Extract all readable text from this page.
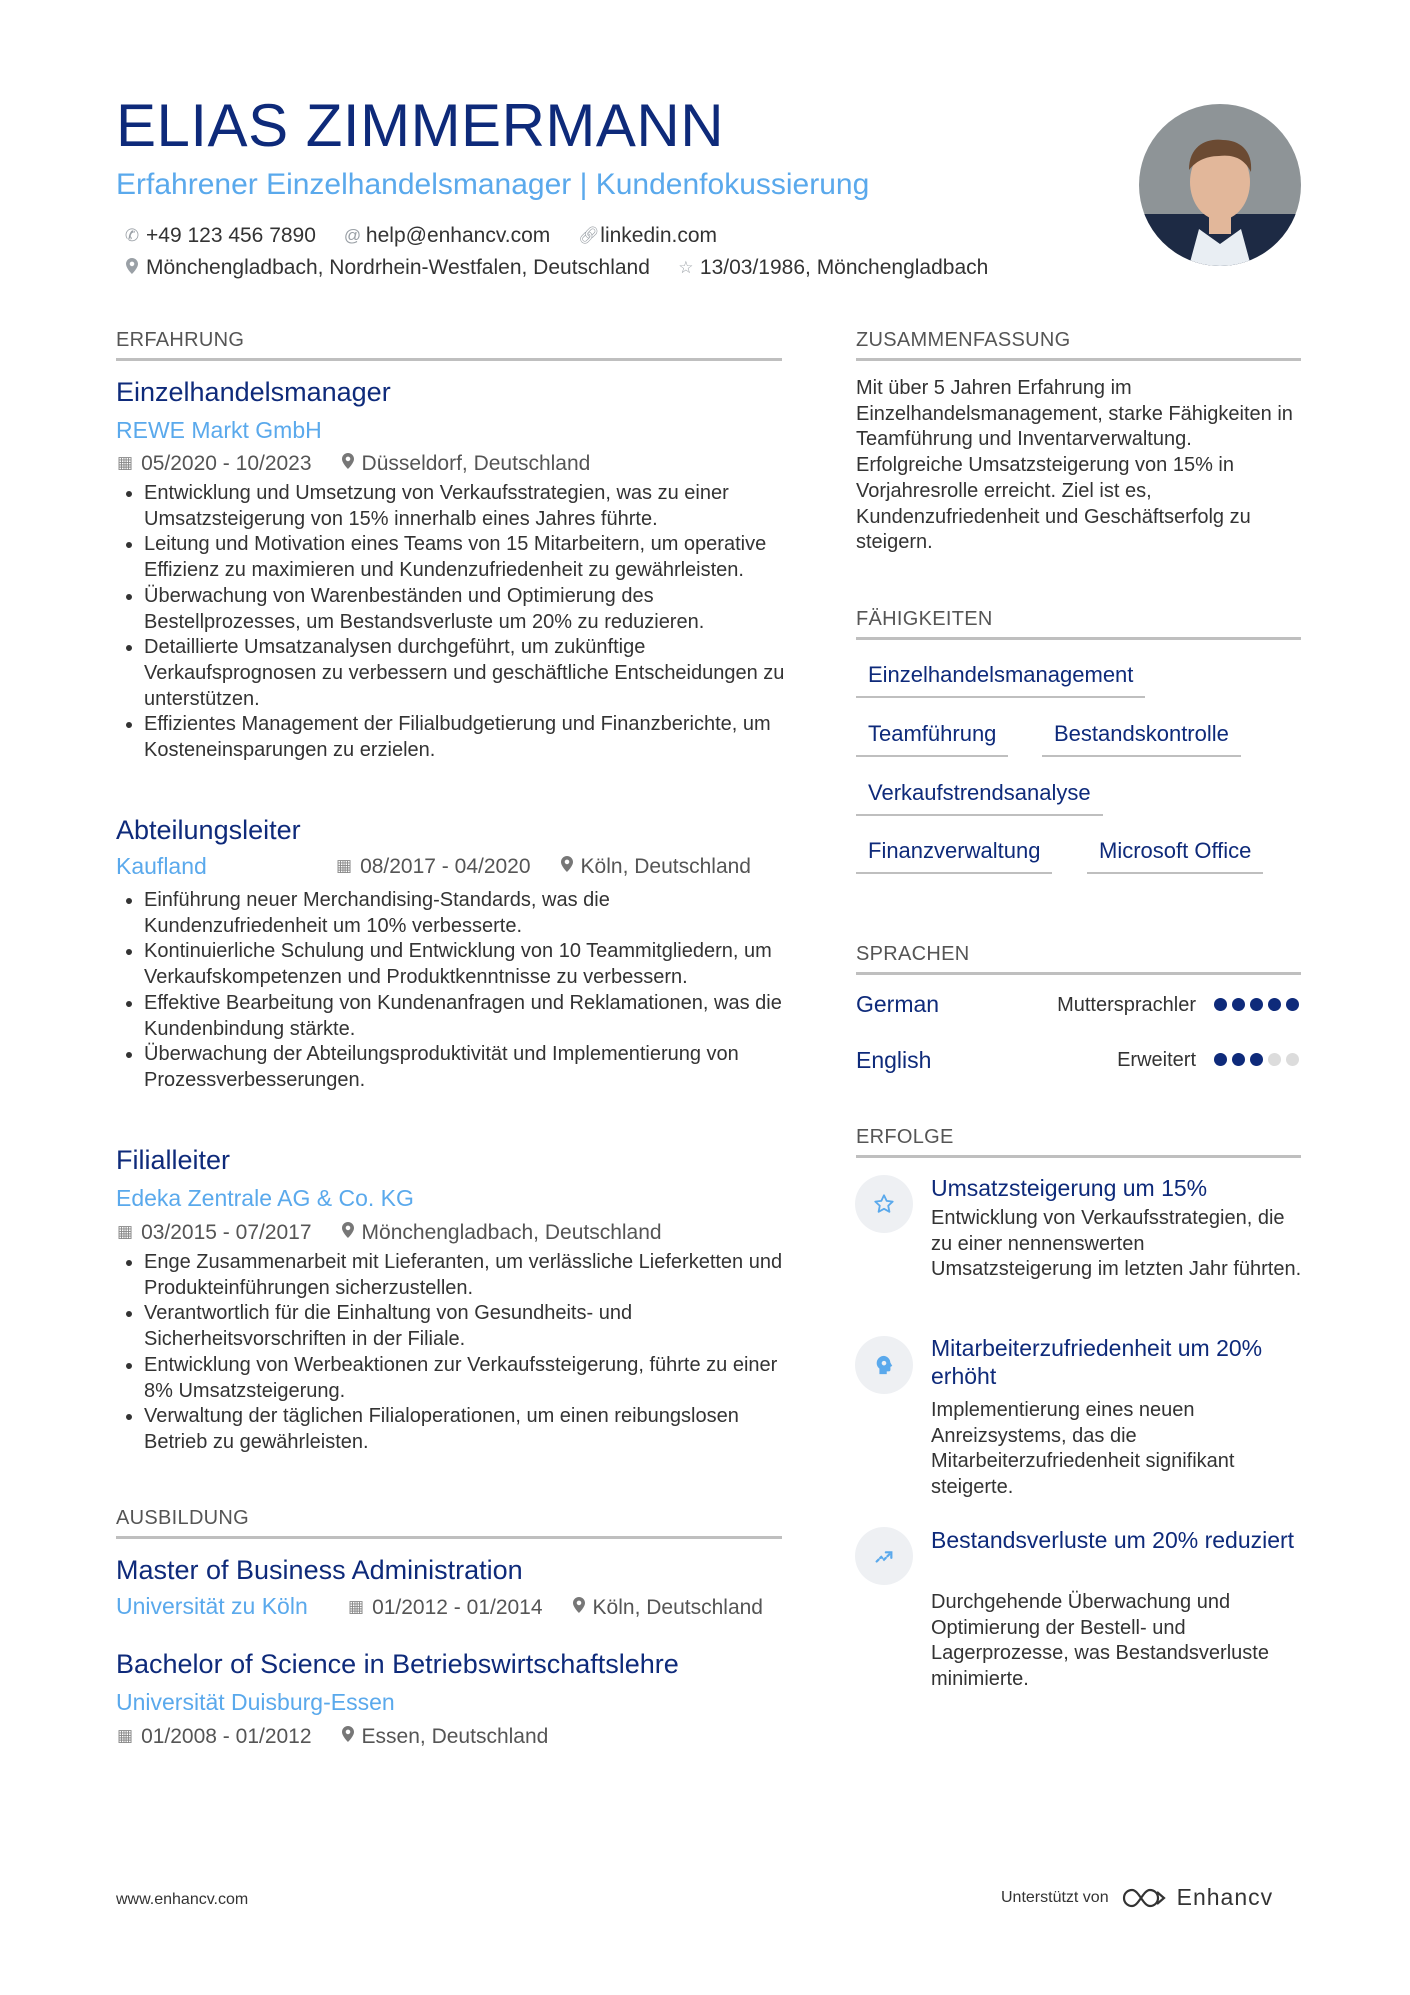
ELIAS ZIMMERMANN
Erfahrener Einzelhandelsmanager | Kundenfokussierung
✆ +49 123 456 7890 @ help@enhancv.com 🔗︎ linkedin.com
Mönchengladbach, Nordrhein-Westfalen, Deutschland ☆ 13/03/1986, Mönchengladbach
ERFAHRUNG
Einzelhandelsmanager
REWE Markt GmbH
▦ 05/2020 - 10/2023 Düsseldorf, Deutschland
• Entwicklung und Umsetzung von Verkaufsstrategien, was zu einer Umsatzsteigerung von 15% innerhalb eines Jahres führte.
• Leitung und Motivation eines Teams von 15 Mitarbeitern, um operative Effizienz zu maximieren und Kundenzufriedenheit zu gewährleisten.
• Überwachung von Warenbeständen und Optimierung des Bestellprozesses, um Bestandsverluste um 20% zu reduzieren.
• Detaillierte Umsatzanalysen durchgeführt, um zukünftige Verkaufsprognosen zu verbessern und geschäftliche Entscheidungen zu unterstützen.
• Effizientes Management der Filialbudgetierung und Finanzberichte, um Kosteneinsparungen zu erzielen.
Abteilungsleiter
Kaufland	▦ 08/2017 - 04/2020 Köln, Deutschland
• Einführung neuer Merchandising-Standards, was die Kundenzufriedenheit um 10% verbesserte.
• Kontinuierliche Schulung und Entwicklung von 10 Teammitgliedern, um Verkaufskompetenzen und Produktkenntnisse zu verbessern.
• Effektive Bearbeitung von Kundenanfragen und Reklamationen, was die Kundenbindung stärkte.
• Überwachung der Abteilungsproduktivität und Implementierung von Prozessverbesserungen.
Filialleiter
Edeka Zentrale AG & Co. KG
▦ 03/2015 - 07/2017 Mönchengladbach, Deutschland
• Enge Zusammenarbeit mit Lieferanten, um verlässliche Lieferketten und Produkteinführungen sicherzustellen.
• Verantwortlich für die Einhaltung von Gesundheits- und Sicherheitsvorschriften in der Filiale.
• Entwicklung von Werbeaktionen zur Verkaufssteigerung, führte zu einer 8% Umsatzsteigerung.
• Verwaltung der täglichen Filialoperationen, um einen reibungslosen Betrieb zu gewährleisten.
AUSBILDUNG
Master of Business Administration
Universität zu Köln ▦ 01/2012 - 01/2014 Köln, Deutschland
Bachelor of Science in Betriebswirtschaftslehre
Universität Duisburg-Essen
▦ 01/2008 - 01/2012 Essen, Deutschland
ZUSAMMENFASSUNG
Mit über 5 Jahren Erfahrung im Einzelhandelsmanagement, starke Fähigkeiten in Teamführung und Inventarverwaltung. Erfolgreiche Umsatzsteigerung von 15% in Vorjahresrolle erreicht. Ziel ist es, Kundenzufriedenheit und Geschäftserfolg zu steigern.
FÄHIGKEITEN
Einzelhandelsmanagement
Teamführung	Bestandskontrolle
Verkaufstrendsanalyse
Finanzverwaltung	Microsoft Office
SPRACHEN
German	Muttersprachler
English	Erweitert
ERFOLGE
Umsatzsteigerung um 15%
Entwicklung von Verkaufsstrategien, die zu einer nennenswerten Umsatzsteigerung im letzten Jahr führten.
Mitarbeiterzufriedenheit um 20% erhöht
Implementierung eines neuen Anreizsystems, das die Mitarbeiterzufriedenheit signifikant steigerte.
Bestandsverluste um 20% reduziert
Durchgehende Überwachung und Optimierung der Bestell- und Lagerprozesse, was Bestandsverluste minimierte.
www.enhancv.com	Unterstützt von	Enhancv
